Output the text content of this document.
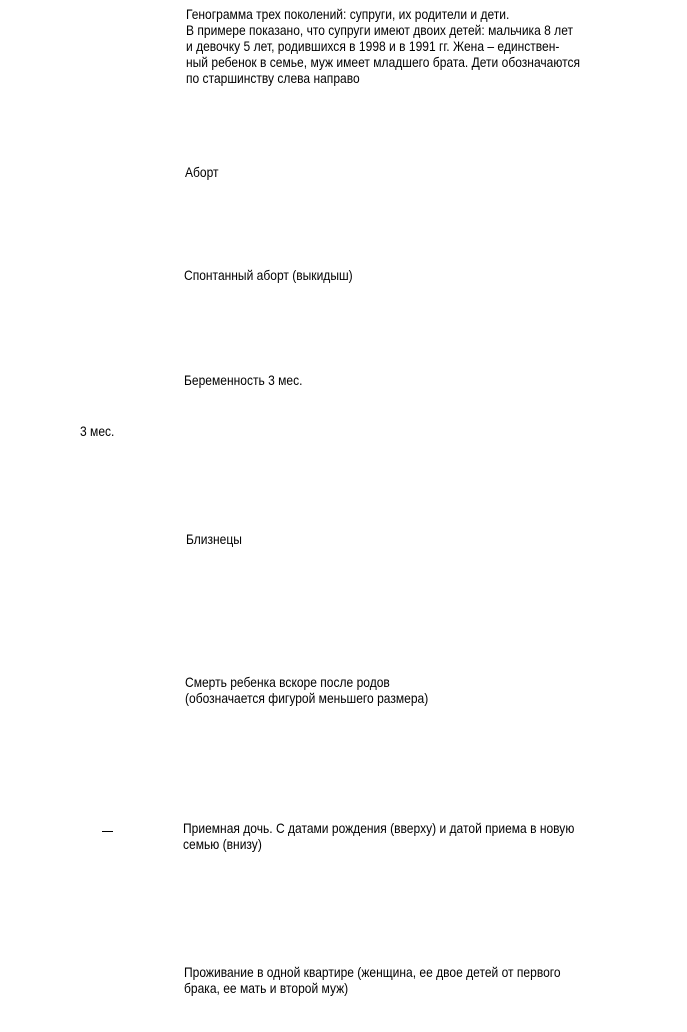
Генограмма трех поколений: супруги, их родители и дети.
В примере показано, что супруги имеют двоих детей: мальчика 8 лет
и девочку 5 лет, родившихся в 1998 и в 1991 гг. Жена – единствен-
ный ребенок в семье, муж имеет младшего брата. Дети обозначаются
по старшинству слева направо

Аборт

Спонтанный аборт (выкидыш)

Беременность 3 мес.

3 мес.

Близнецы

Смерть ребенка вскоре после родов
(обозначается фигурой меньшего размера)

Приемная дочь. С датами рождения (вверху) и датой приема в новую
семью (внизу)

Проживание в одной квартире (женщина, ее двое детей от первого
брака, ее мать и второй муж)
